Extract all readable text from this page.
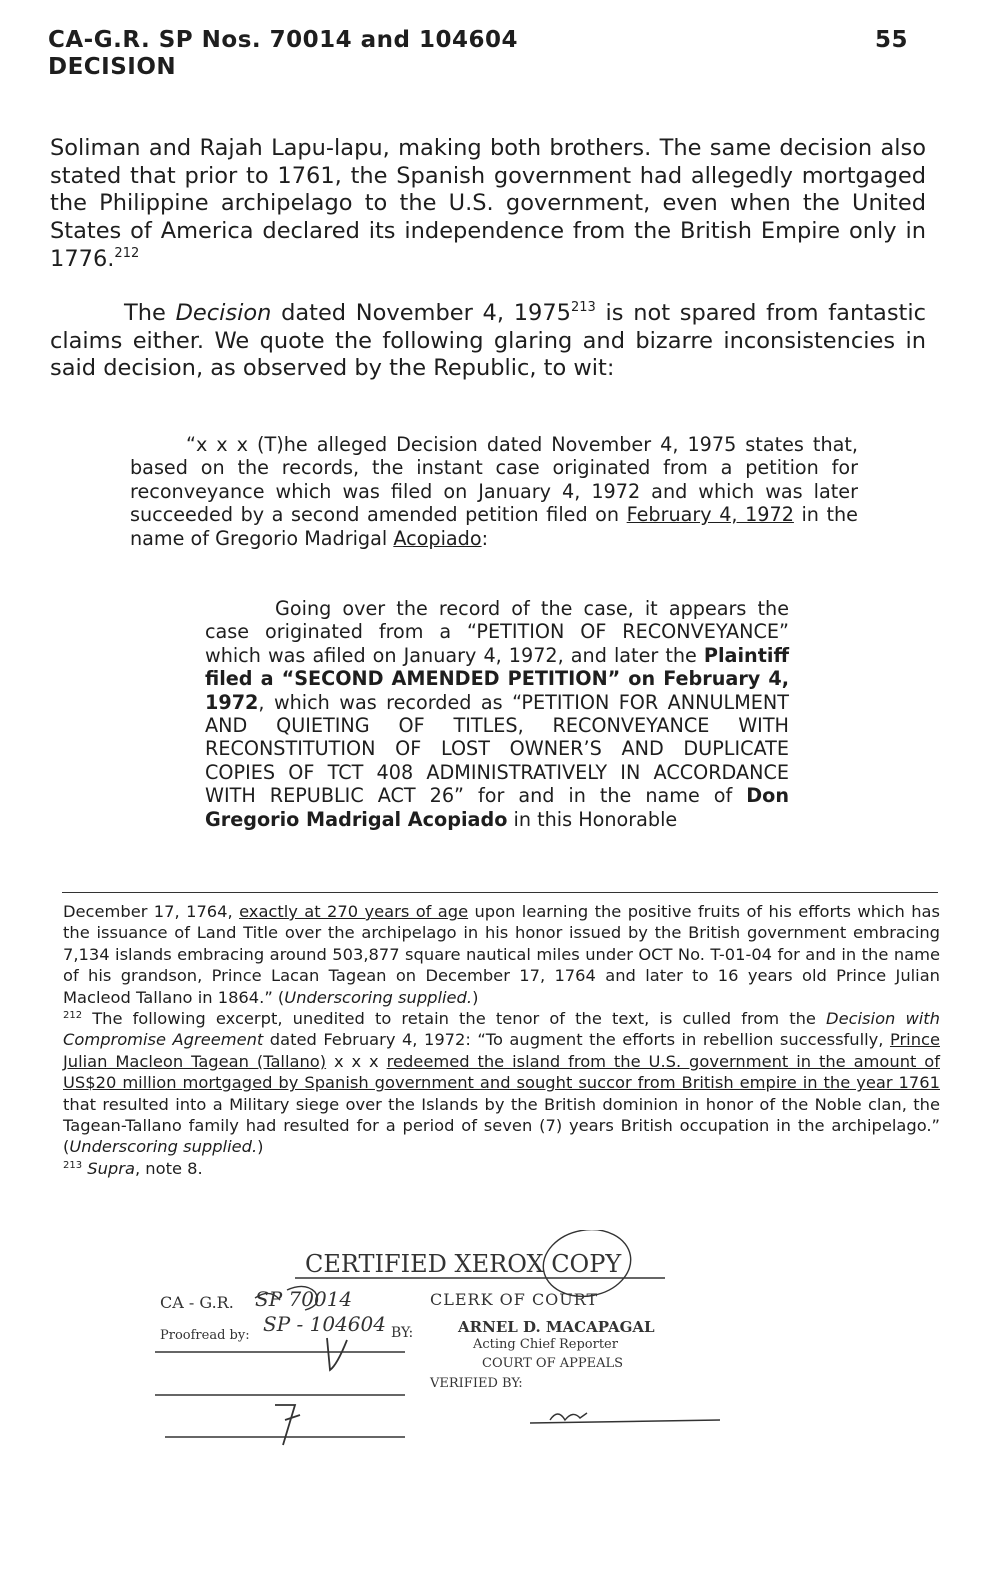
CA-G.R. SP Nos. 70014 and 104604
DECISION
55
Soliman and Rajah Lapu-lapu, making both brothers. The same decision also stated that prior to 1761, the Spanish government had allegedly mortgaged the Philippine archipelago to the U.S. government, even when the United States of America declared its independence from the British Empire only in 1776.$^{212}$
The Decision dated November 4, 1975$^{213}$ is not spared from fantastic claims either. We quote the following glaring and bizarre inconsistencies in said decision, as observed by the Republic, to wit:
“x x x (T)he alleged Decision dated November 4, 1975 states that, based on the records, the instant case originated from a petition for reconveyance which was filed on January 4, 1972 and which was later succeeded by a second amended petition filed on February 4, 1972 in the name of Gregorio Madrigal Acopiado:
Going over the record of the case, it appears the case originated from a “PETITION OF RECONVEYANCE” which was afiled on January 4, 1972, and later the Plaintiff filed a “SECOND AMENDED PETITION” on February 4, 1972, which was recorded as “PETITION FOR ANNULMENT AND QUIETING OF TITLES, RECONVEYANCE WITH RECONSTITUTION OF LOST OWNER’S AND DUPLICATE COPIES OF TCT 408 ADMINISTRATIVELY IN ACCORDANCE WITH REPUBLIC ACT 26” for and in the name of Don Gregorio Madrigal Acopiado in this Honorable

December 17, 1764, exactly at 270 years of age upon learning the positive fruits of his efforts which has the issuance of Land Title over the archipelago in his honor issued by the British government embracing 7,134 islands embracing around 503,877 square nautical miles under OCT No. T-01-04 for and in the name of his grandson, Prince Lacan Tagean on December 17, 1764 and later to 16 years old Prince Julian Macleod Tallano in 1864.” (Underscoring supplied.)

$^{212}$ The following excerpt, unedited to retain the tenor of the text, is culled from the Decision with Compromise Agreement dated February 4, 1972: “To augment the efforts in rebellion successfully, Prince Julian Macleon Tagean (Tallano) x x x redeemed the island from the U.S. government in the amount of US$20 million mortgaged by Spanish government and sought succor from British empire in the year 1761 that resulted into a Military siege over the Islands by the British dominion in honor of the Noble clan, the Tagean-Tallano family had resulted for a period of seven (7) years British occupation in the archipelago.” (Underscoring supplied.)

$^{213}$ Supra, note 8.

CERTIFIED XEROX COPY
CA - G.R. SP 70014
SP - 104604
CLERK OF COURT
Proofread by:	BY:	ARNEL D. MACAPAGAL
Acting Chief Reporter
COURT OF APPEALS
VERIFIED BY:
